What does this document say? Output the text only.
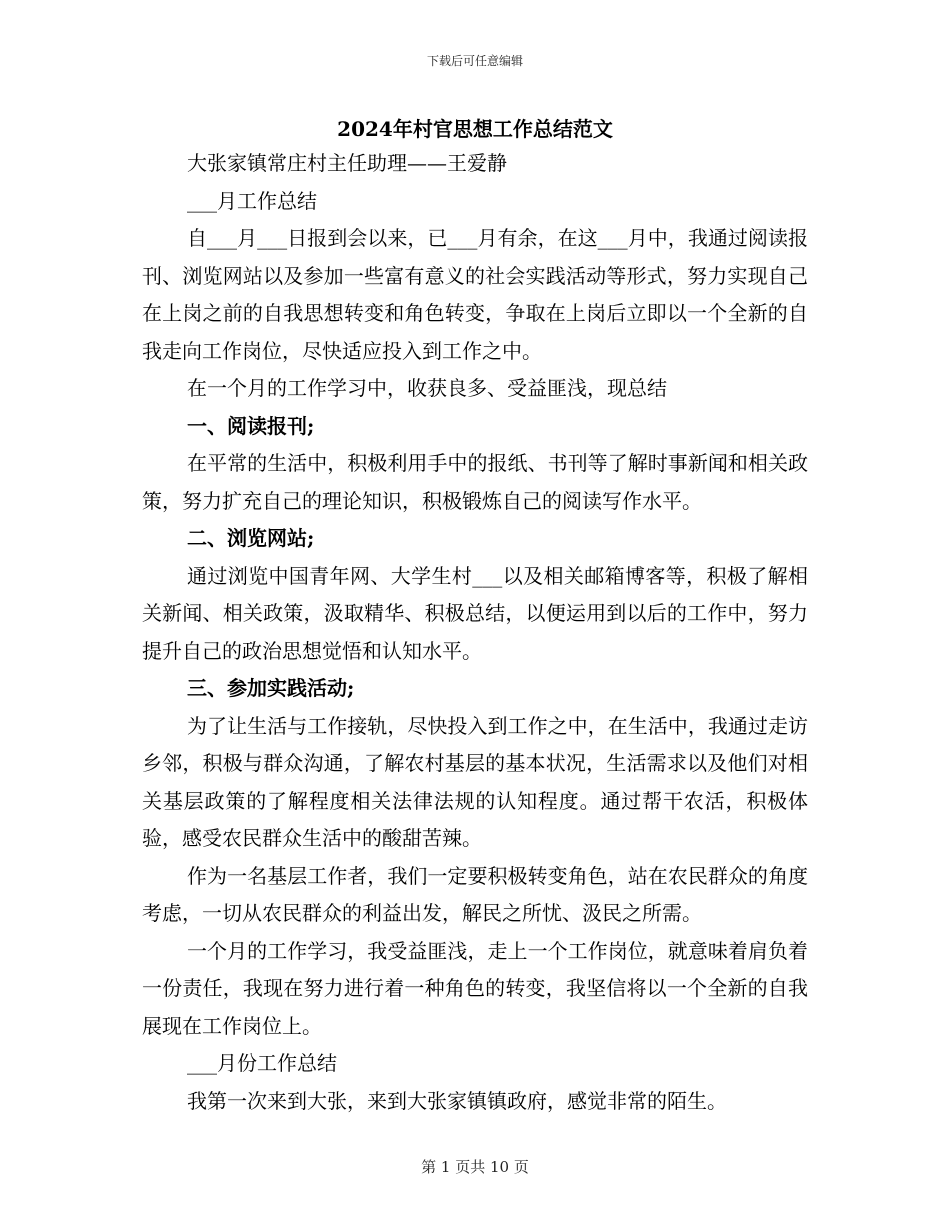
下载后可任意编辑
2024年村官思想工作总结范文

大张家镇常庄村主任助理——王爱静

___月工作总结

自___月___日报到会以来，已___月有余，在这___月中，我通过阅读报刊、浏览网站以及参加一些富有意义的社会实践活动等形式，努力实现自己在上岗之前的自我思想转变和角色转变，争取在上岗后立即以一个全新的自我走向工作岗位，尽快适应投入到工作之中。

在一个月的工作学习中，收获良多、受益匪浅，现总结

一、阅读报刊;

在平常的生活中，积极利用手中的报纸、书刊等了解时事新闻和相关政策，努力扩充自己的理论知识，积极锻炼自己的阅读写作水平。

二、浏览网站;

通过浏览中国青年网、大学生村___以及相关邮箱博客等，积极了解相关新闻、相关政策，汲取精华、积极总结，以便运用到以后的工作中，努力提升自己的政治思想觉悟和认知水平。

三、参加实践活动;

为了让生活与工作接轨，尽快投入到工作之中，在生活中，我通过走访乡邻，积极与群众沟通，了解农村基层的基本状况，生活需求以及他们对相关基层政策的了解程度相关法律法规的认知程度。通过帮干农活，积极体验，感受农民群众生活中的酸甜苦辣。

作为一名基层工作者，我们一定要积极转变角色，站在农民群众的角度考虑，一切从农民群众的利益出发，解民之所忧、汲民之所需。

一个月的工作学习，我受益匪浅，走上一个工作岗位，就意味着肩负着一份责任，我现在努力进行着一种角色的转变，我坚信将以一个全新的自我展现在工作岗位上。

___月份工作总结

我第一次来到大张，来到大张家镇镇政府，感觉非常的陌生。

第 1 页共 10 页
